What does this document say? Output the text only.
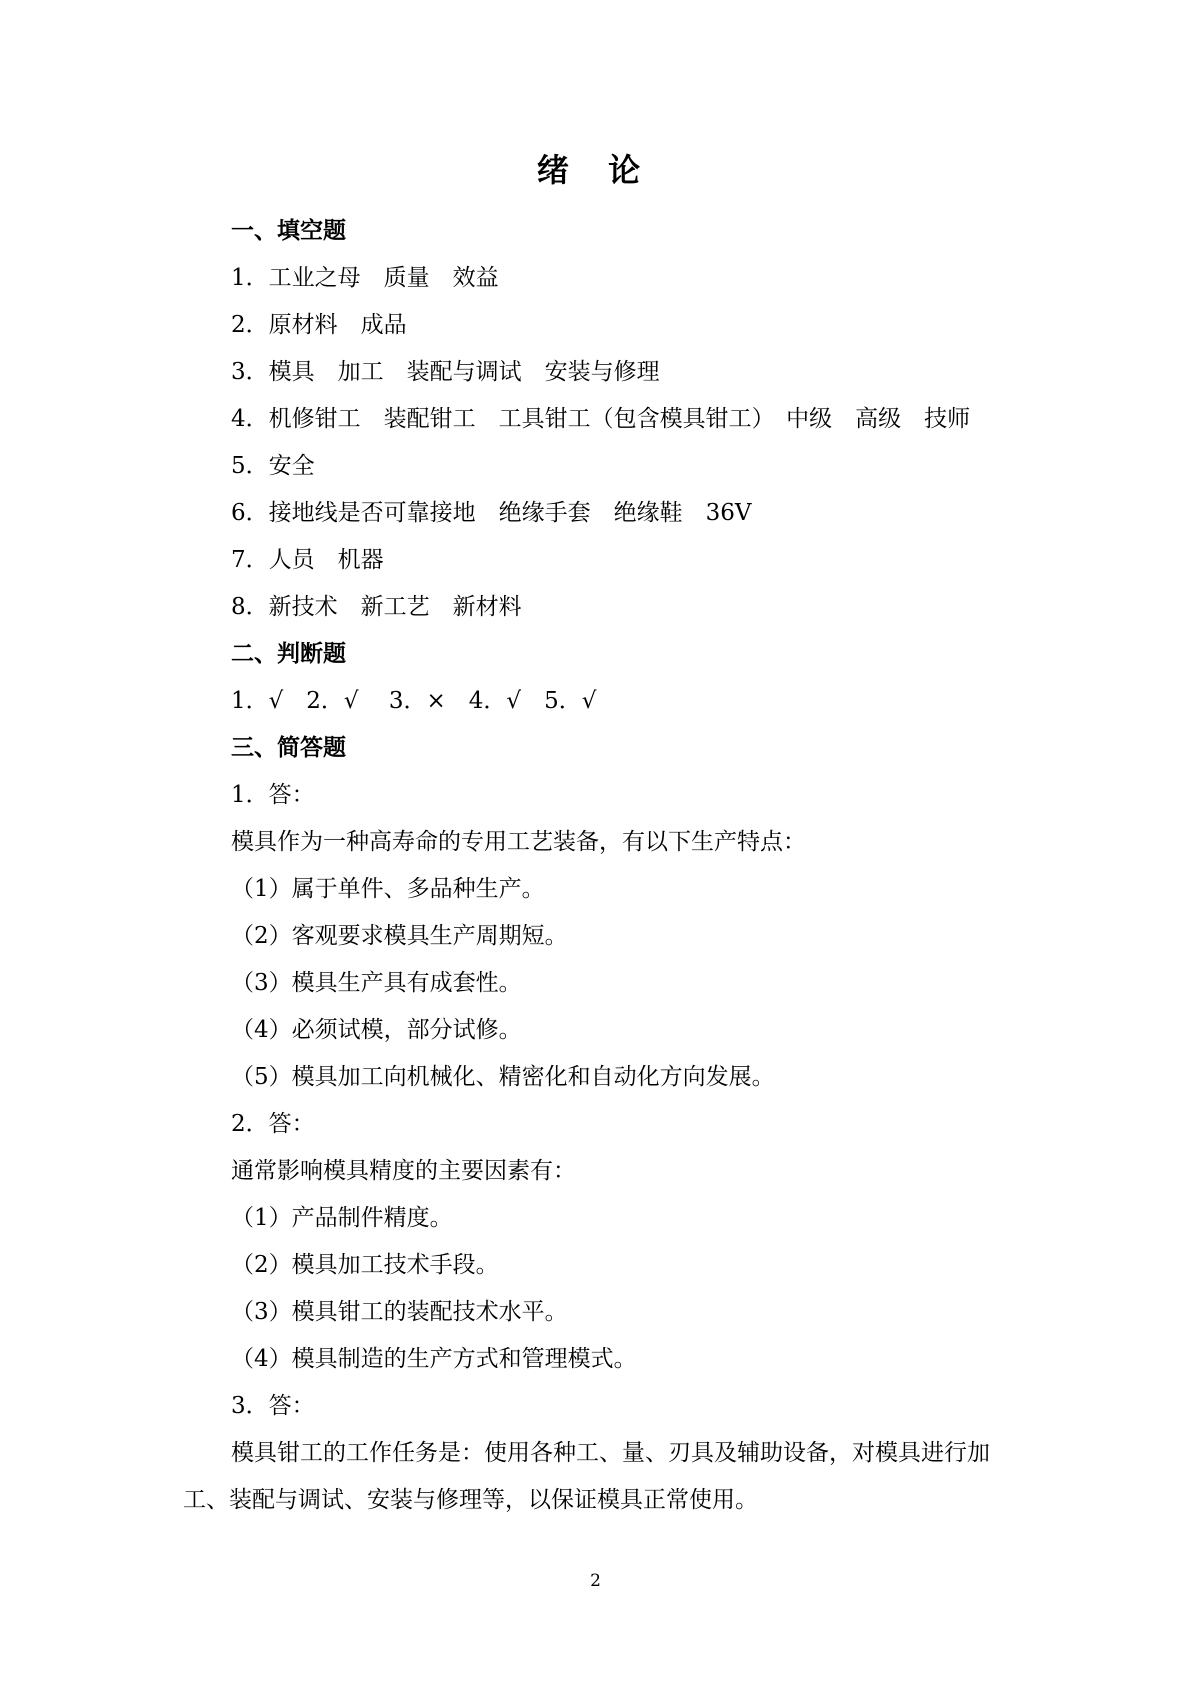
绪 论
一、填空题
1．工业之母　质量　效益
2．原材料　成品
3．模具　加工　装配与调试　安装与修理
4．机修钳工　装配钳工　工具钳工（包含模具钳工）　中级　高级　技师
5．安全
6．接地线是否可靠接地　绝缘手套　绝缘鞋　36V
7．人员　机器
8．新技术　新工艺　新材料
二、判断题
1．√　2．√　 3．×　4．√　5．√
三、简答题
1．答：
模具作为一种高寿命的专用工艺装备，有以下生产特点：
（1）属于单件、多品种生产。
（2）客观要求模具生产周期短。
（3）模具生产具有成套性。
（4）必须试模，部分试修。
（5）模具加工向机械化、精密化和自动化方向发展。
2．答：
通常影响模具精度的主要因素有：
（1）产品制件精度。
（2）模具加工技术手段。
（3）模具钳工的装配技术水平。
（4）模具制造的生产方式和管理模式。
3．答：
模具钳工的工作任务是：使用各种工、量、刃具及辅助设备，对模具进行加
工、装配与调试、安装与修理等，以保证模具正常使用。
2
